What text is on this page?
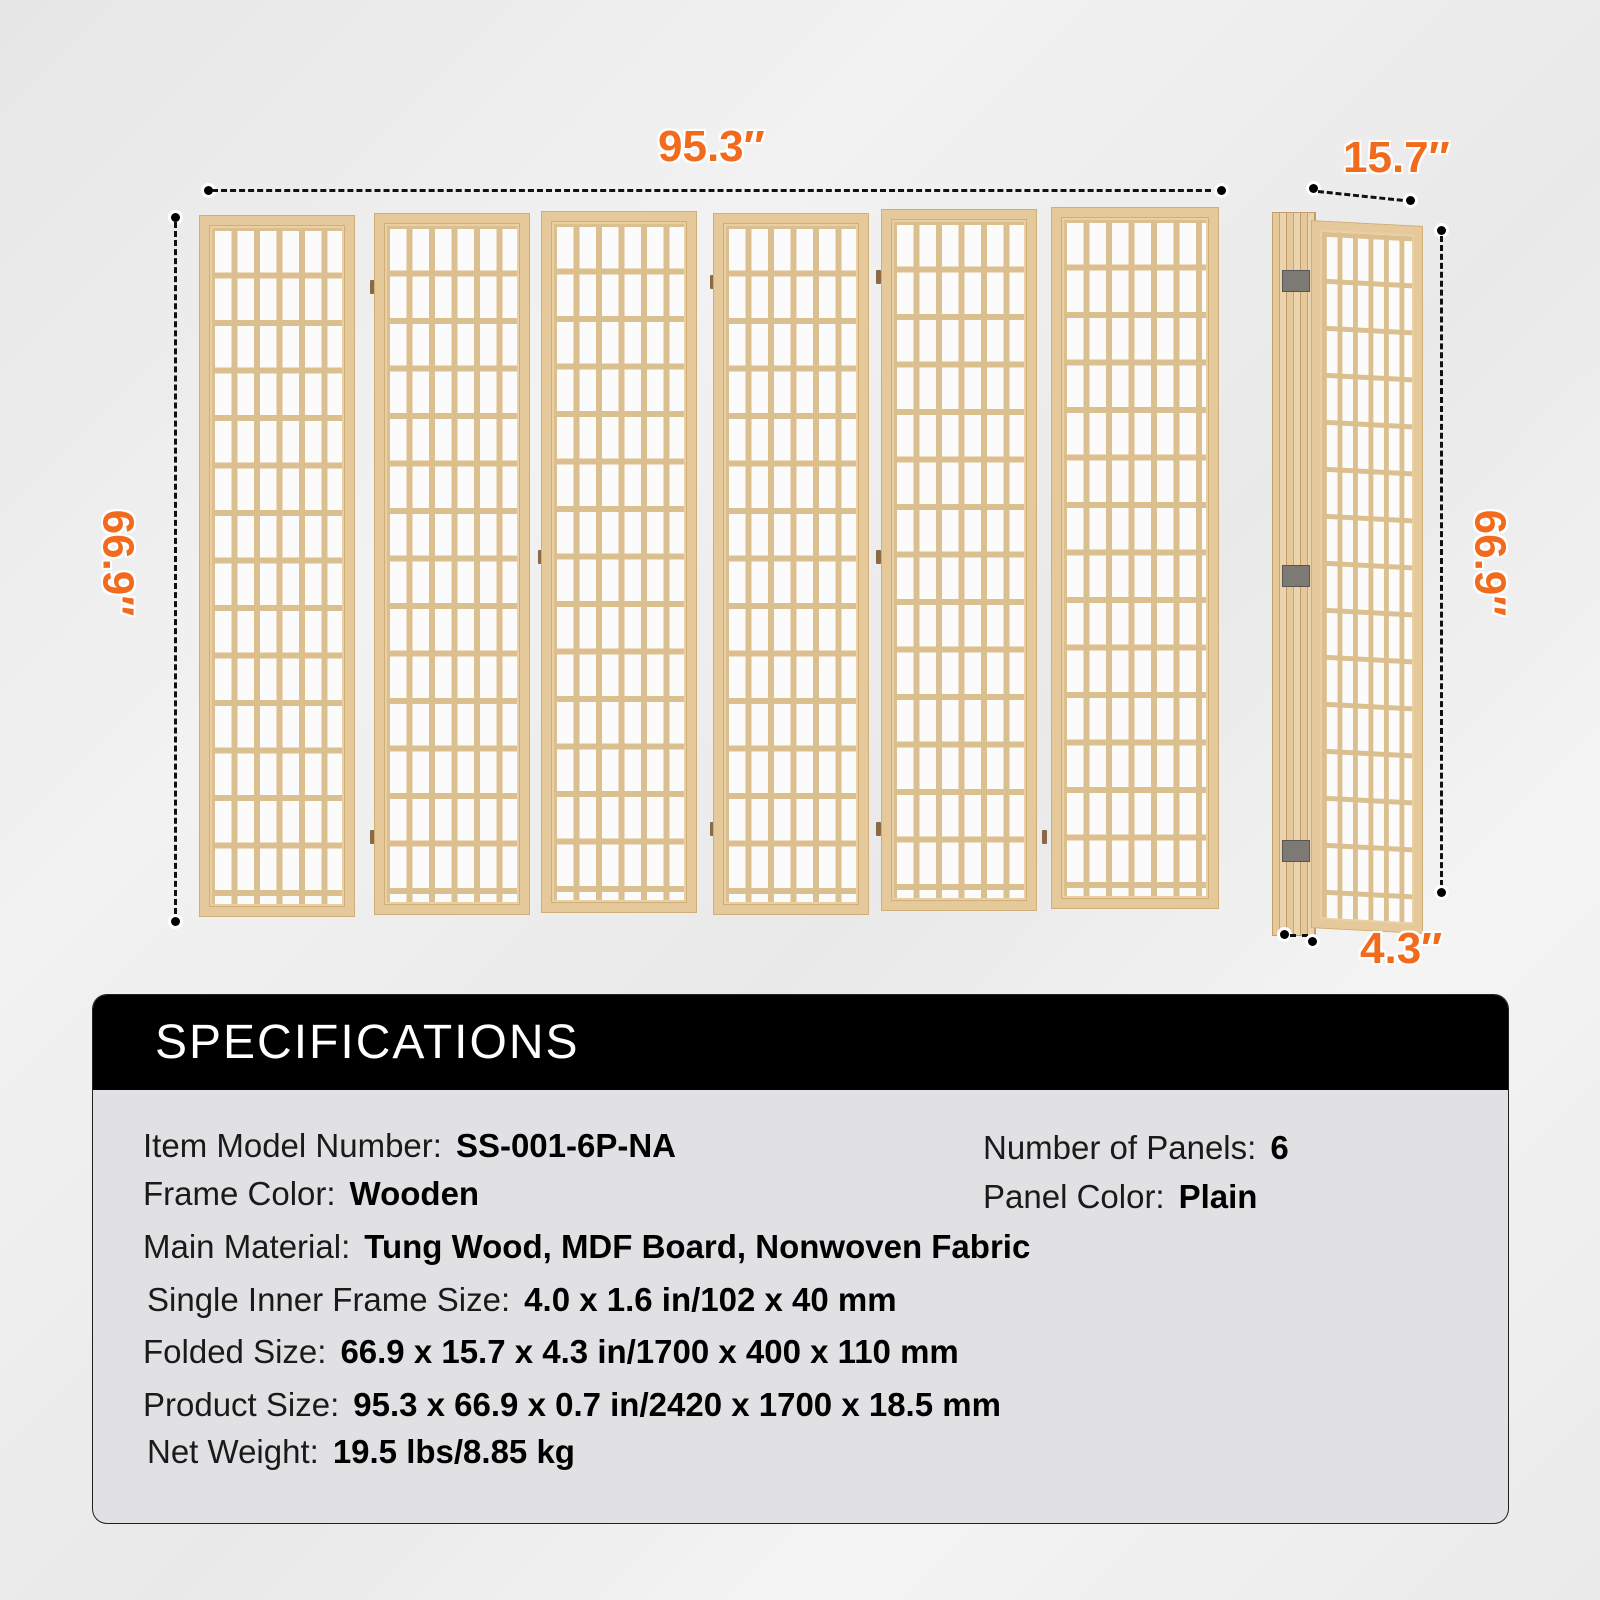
95.3″
66.9″
15.7″
66.9″
4.3″
SPECIFICATIONS
Item Model Number: SS-001-6P-NA	Number of Panels: 6
Frame Color: Wooden	Panel Color: Plain
Main Material: Tung Wood, MDF Board, Nonwoven Fabric
Single Inner Frame Size: 4.0 x 1.6 in/102 x 40 mm
Folded Size: 66.9 x 15.7 x 4.3 in/1700 x 400 x 110 mm
Product Size: 95.3 x 66.9 x 0.7 in/2420 x 1700 x 18.5 mm
Net Weight: 19.5 lbs/8.85 kg
